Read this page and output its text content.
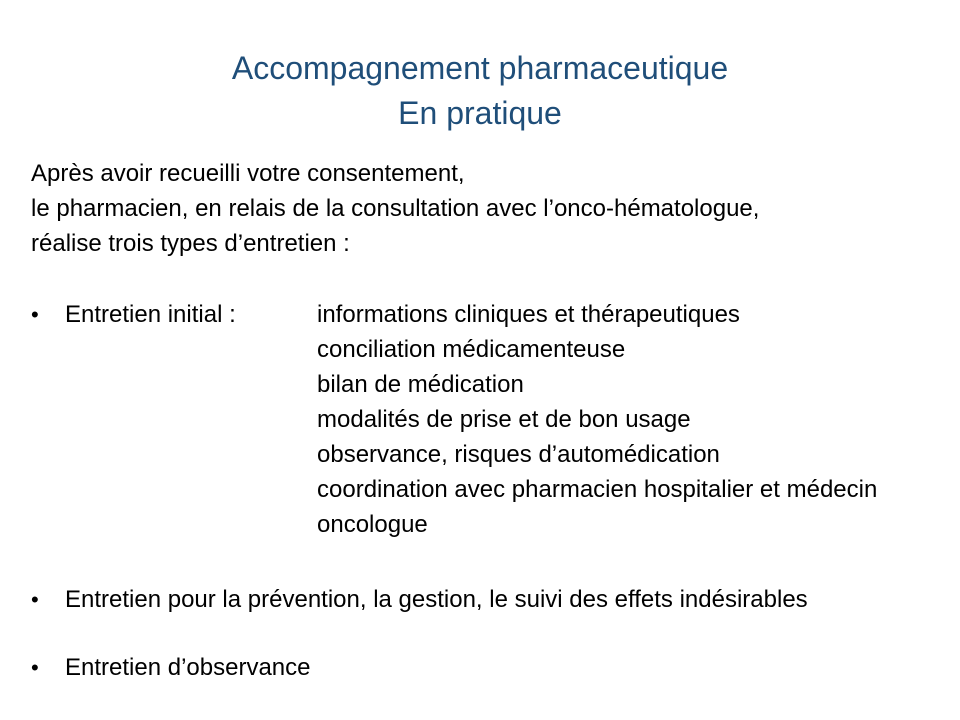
Accompagnement pharmaceutique
En pratique

Après avoir recueilli votre consentement,

le pharmacien, en relais de la consultation avec l’onco-hématologue,

réalise trois types d’entretien :

•	Entretien initial :	informations cliniques et thérapeutiques

conciliation médicamenteuse

bilan de médication

modalités de prise et de bon usage

observance, risques d’automédication

coordination avec pharmacien hospitalier et médecin

oncologue

•	Entretien pour la prévention, la gestion, le suivi des effets indésirables
•	Entretien d’observance
